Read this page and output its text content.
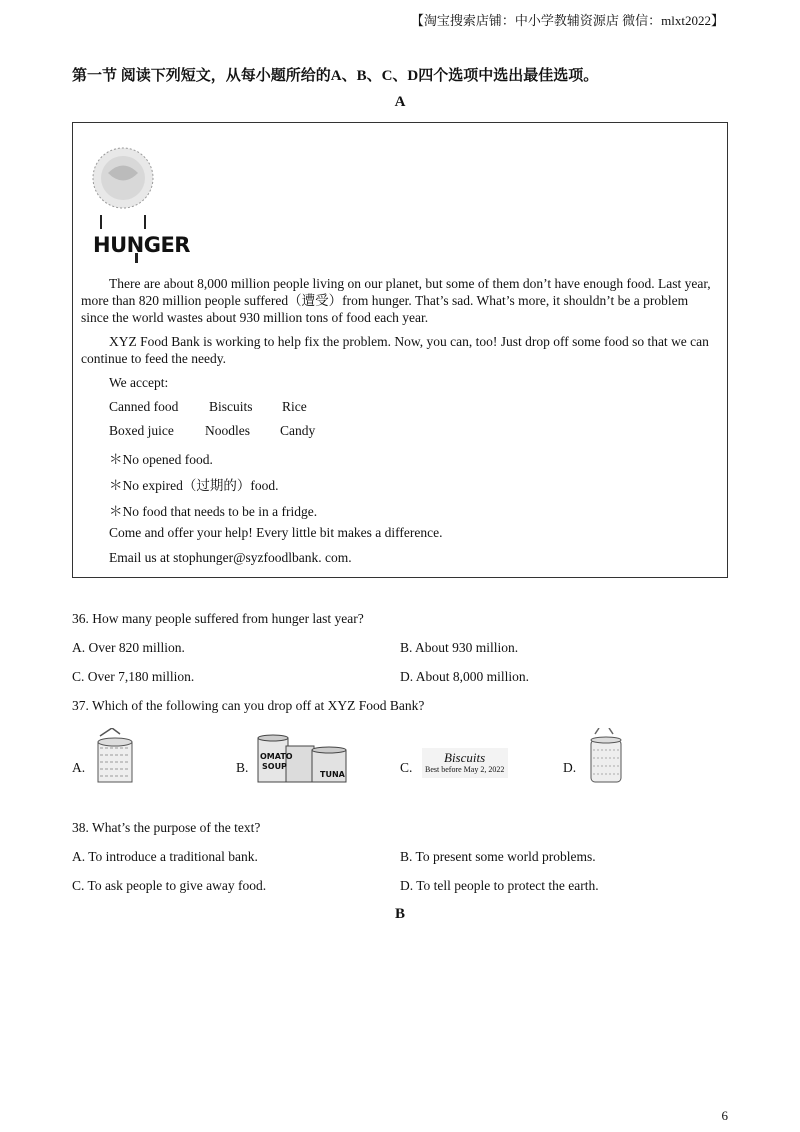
【淘宝搜索店铺：中小学教辅资源店 微信：mlxt2022】
第一节 阅读下列短文，从每小题所给的A、B、C、D四个选项中选出最佳选项。
A
HUNGER
There are about 8,000 million people living on our planet, but some of them don’t have enough food. Last year, more than 820 million people suffered（遭受）from hunger. That’s sad. What’s more, it shouldn’t be a problem since the world wastes about 930 million tons of food each year.
XYZ Food Bank is working to help fix the problem. Now, you can, too! Just drop off some food so that we can continue to feed the needy.
We accept:
Canned food Biscuits Rice
Boxed juice Noodles Candy
＊No opened food.
＊No expired（过期的）food.
＊No food that needs to be in a fridge.
Come and offer your help! Every little bit makes a difference.
Email us at stophunger@syzfoodlbank. com.
36. How many people suffered from hunger last year?
A. Over 820 million.	B. About 930 million.
C. Over 7,180 million.	D. About 8,000 million.
37. Which of the following can you drop off at XYZ Food Bank?
A.	B.
OMATO
SOUP
TUNA	C.
Biscuits
Best before May 2, 2022	D.
38. What’s the purpose of the text?
A. To introduce a traditional bank.	B. To present some world problems.
C. To ask people to give away food.	D. To tell people to protect the earth.
B
6
